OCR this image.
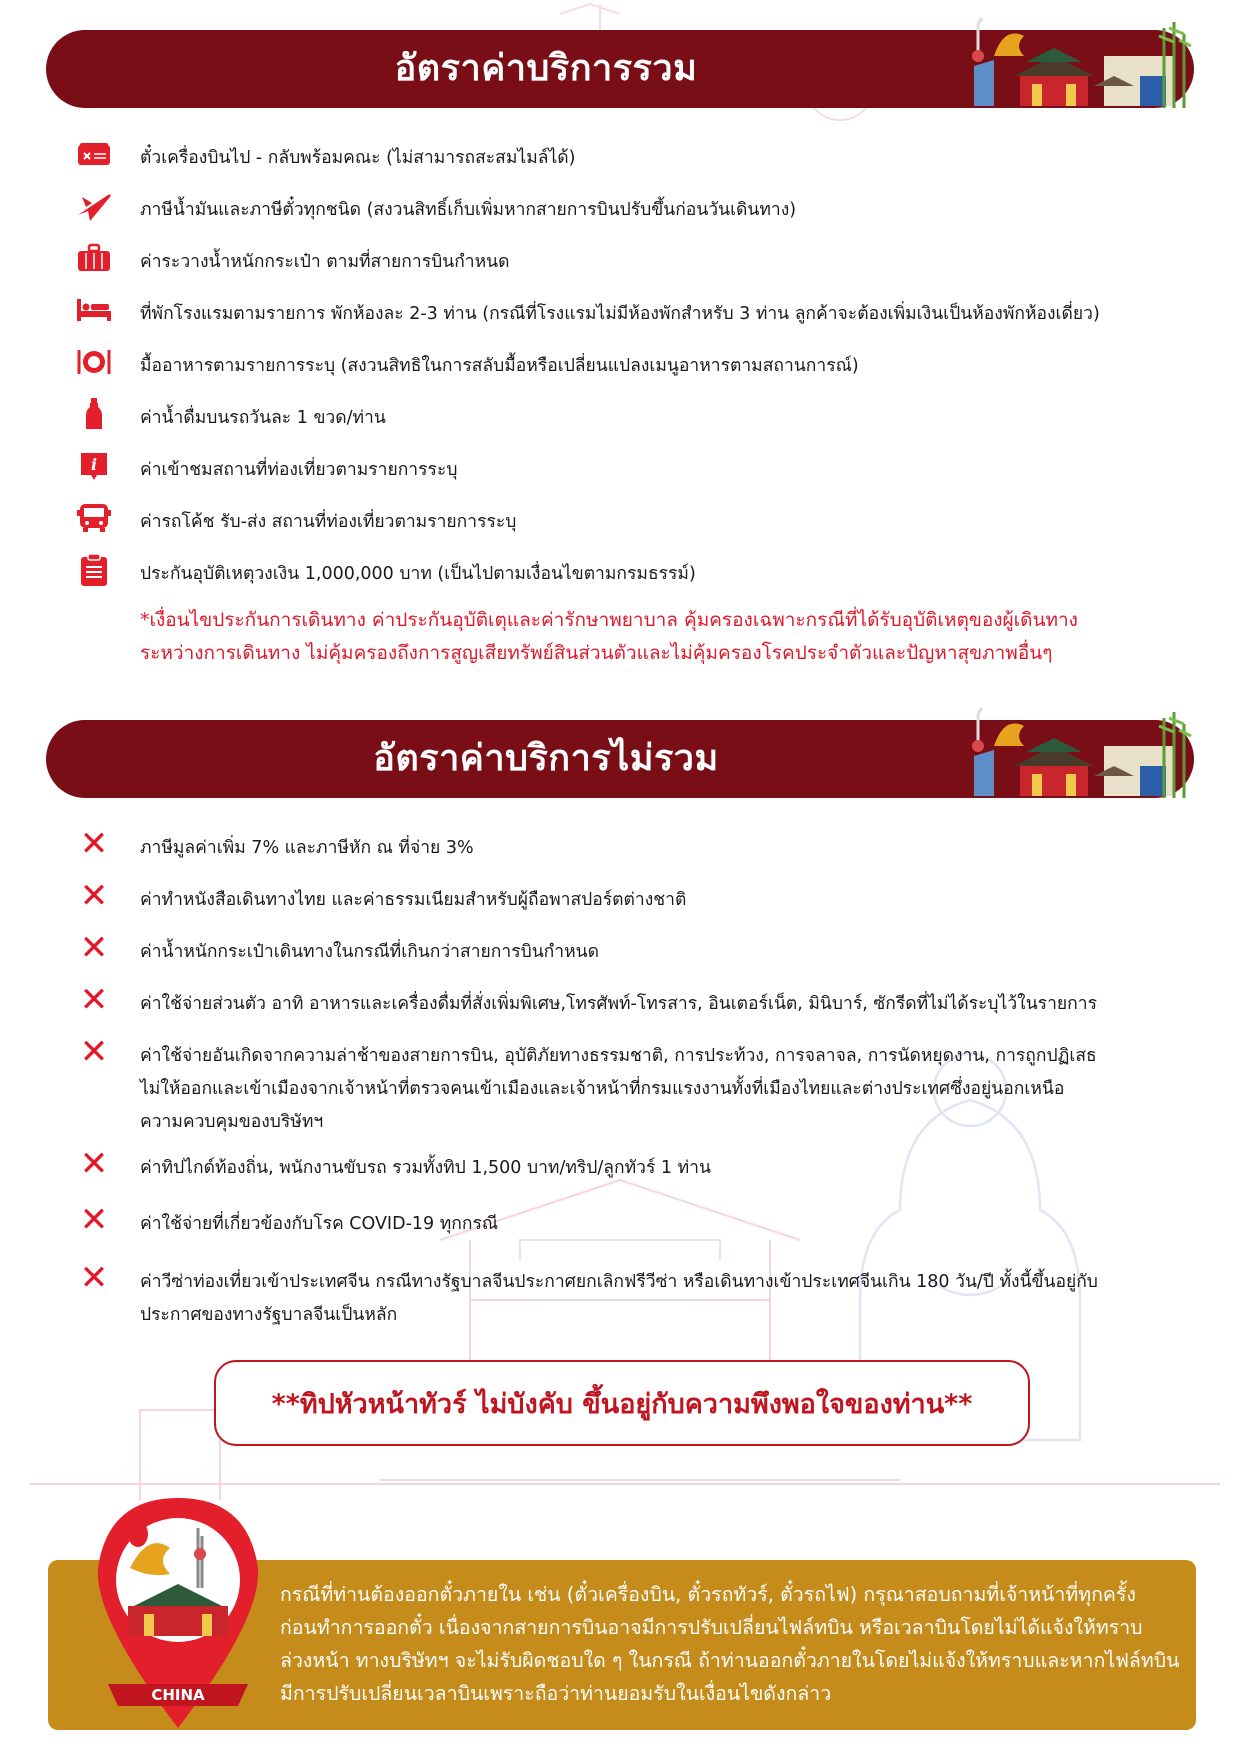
อัตราค่าบริการรวม
ตั๋วเครื่องบินไป - กลับพร้อมคณะ (ไม่สามารถสะสมไมล์ได้)
ภาษีน้ำมันและภาษีตั๋วทุกชนิด (สงวนสิทธิ์เก็บเพิ่มหากสายการบินปรับขึ้นก่อนวันเดินทาง)
ค่าระวางน้ำหนักกระเป๋า ตามที่สายการบินกำหนด
ที่พักโรงแรมตามรายการ พักห้องละ 2-3 ท่าน (กรณีที่โรงแรมไม่มีห้องพักสำหรับ 3 ท่าน ลูกค้าจะต้องเพิ่มเงินเป็นห้องพักห้องเดี่ยว)
มื้ออาหารตามรายการระบุ (สงวนสิทธิในการสลับมื้อหรือเปลี่ยนแปลงเมนูอาหารตามสถานการณ์)
ค่าน้ำดื่มบนรถวันละ 1 ขวด/ท่าน
i ค่าเข้าชมสถานที่ท่องเที่ยวตามรายการระบุ
ค่ารถโค้ช รับ-ส่ง สถานที่ท่องเที่ยวตามรายการระบุ
ประกันอุบัติเหตุวงเงิน 1,000,000 บาท (เป็นไปตามเงื่อนไขตามกรมธรรม์)
*เงื่อนไขประกันการเดินทาง ค่าประกันอุบัติเตุและค่ารักษาพยาบาล คุ้มครองเฉพาะกรณีที่ได้รับอุบัติเหตุของผู้เดินทาง
ระหว่างการเดินทาง ไม่คุ้มครองถึงการสูญเสียทรัพย์สินส่วนตัวและไม่คุ้มครองโรคประจำตัวและปัญหาสุขภาพอื่นๆ
อัตราค่าบริการไม่รวม
✕ ภาษีมูลค่าเพิ่ม 7% และภาษีหัก ณ ที่จ่าย 3%
✕ ค่าทำหนังสือเดินทางไทย และค่าธรรมเนียมสำหรับผู้ถือพาสปอร์ตต่างชาติ
✕ ค่าน้ำหนักกระเป๋าเดินทางในกรณีที่เกินกว่าสายการบินกำหนด
✕ ค่าใช้จ่ายส่วนตัว อาทิ อาหารและเครื่องดื่มที่สั่งเพิ่มพิเศษ,โทรศัพท์-โทรสาร, อินเตอร์เน็ต, มินิบาร์, ซักรีดที่ไม่ได้ระบุไว้ในรายการ
✕ ค่าใช้จ่ายอันเกิดจากความล่าช้าของสายการบิน, อุบัติภัยทางธรรมชาติ, การประท้วง, การจลาจล, การนัดหยุดงาน, การถูกปฏิเสธ
ไม่ให้ออกและเข้าเมืองจากเจ้าหน้าที่ตรวจคนเข้าเมืองและเจ้าหน้าที่กรมแรงงานทั้งที่เมืองไทยและต่างประเทศซึ่งอยู่นอกเหนือ
ความควบคุมของบริษัทฯ
✕ ค่าทิปไกด์ท้องถิ่น, พนักงานขับรถ รวมทั้งทิป 1,500 บาท/ทริป/ลูกทัวร์ 1 ท่าน
✕ ค่าใช้จ่ายที่เกี่ยวข้องกับโรค COVID-19 ทุกกรณี
✕ ค่าวีซ่าท่องเที่ยวเข้าประเทศจีน กรณีทางรัฐบาลจีนประกาศยกเลิกฟรีวีซ่า หรือเดินทางเข้าประเทศจีนเกิน 180 วัน/ปี ทั้งนี้ขึ้นอยู่กับ
ประกาศของทางรัฐบาลจีนเป็นหลัก
**ทิปหัวหน้าทัวร์ ไม่บังคับ ขึ้นอยู่กับความพึงพอใจของท่าน**
กรณีที่ท่านต้องออกตั๋วภายใน เช่น (ตั๋วเครื่องบิน, ตั๋วรถทัวร์, ตั๋วรถไฟ) กรุณาสอบถามที่เจ้าหน้าที่ทุกครั้ง
ก่อนทำการออกตั๋ว เนื่องจากสายการบินอาจมีการปรับเปลี่ยนไฟล์ทบิน หรือเวลาบินโดยไม่ได้แจ้งให้ทราบ
ล่วงหน้า ทางบริษัทฯ จะไม่รับผิดชอบใด ๆ ในกรณี ถ้าท่านออกตั๋วภายในโดยไม่แจ้งให้ทราบและหากไฟล์ทบิน
มีการปรับเปลี่ยนเวลาบินเพราะถือว่าท่านยอมรับในเงื่อนไขดังกล่าว
CHINA
